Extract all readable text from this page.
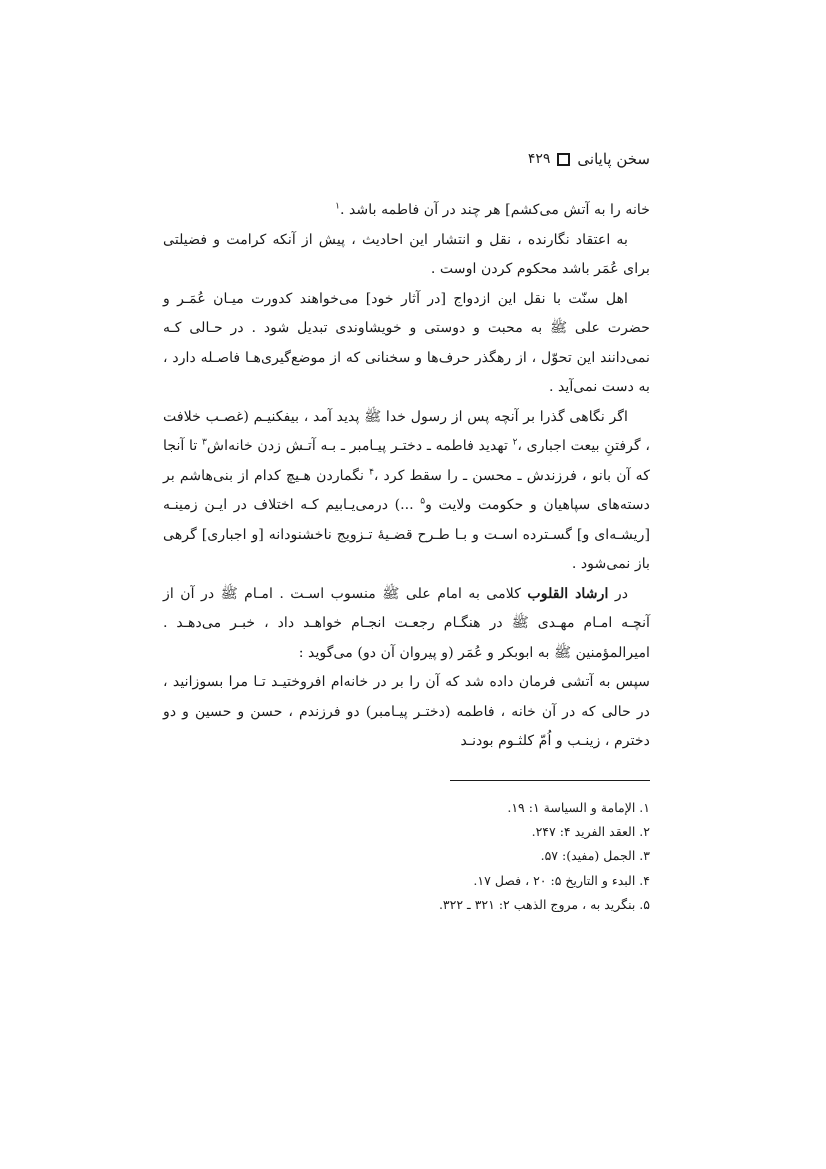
سخن پایانی
۴۲۹

خانه را به آتش می‌کشم] هر چند در آن فاطمه باشد .$^۱$

به اعتقاد نگارنده ، نقل و انتشار این احادیث ، پیش از آنکه کرامت و فضیلتی برای عُمَر باشد محکوم کردن اوست .

اهل سنّت با نقل این ازدواج [در آثار خود] می‌خواهند کدورت میـان عُمَـر و حضرت علی ﷺ به محبت و دوستی و خویشاوندی تبدیل شود . در حـالی کـه نمی‌دانند این تحوّل ، از رهگذر حرف‌ها و سخنانی که از موضع‌گیری‌هـا فاصـله دارد ، به دست نمی‌آید .

اگر نگاهی گذرا بر آنچه پس از رسول خدا ﷺ پدید آمد ، بیفکنیـم (غصـب خلافت ، گرفتنِ بیعت اجباری ،$^۲$ تهدید فاطمه ـ دختـر پیـامبر ـ بـه آتـش زدن خانه‌اش$^۳$ تا آنجا که آن بانو ، فرزندش ـ محسن ـ را سقط کرد ،$^۴$ نگماردن هـیچ کدام از بنی‌هاشم بر دسته‌های سپاهیان و حکومت ولایت و$^۵$ ...) درمی‌یـابیم کـه اختلاف در ایـن زمینـه [ریشـه‌ای و] گسـترده اسـت و بـا طـرح قضـیهٔ تـزویج ناخشنودانه [و اجباری] گرهی باز نمی‌شود .

در ارشاد القلوب کلامی به امام علی ﷺ منسوب اسـت . امـام ﷺ در آن از آنچـه امـام مهـدی ﷺ در هنگـام رجعـت انجـام خواهـد داد ، خبـر می‌دهـد . امیرالمؤمنین ﷺ به ابوبکر و عُمَر (و پیروان آن دو) می‌گوید :

سپس به آتشی فرمان داده شد که آن را بر در خانه‌ام افروختیـد تـا مرا بسوزانید ، در حالی که در آن خانه ، فاطمه (دختـر پیـامبر) دو فرزندم ، حسن و حسین و دو دخترم ، زینـب و اُمّ کلثـوم بودنـد

۱. الإمامة و السیاسة ۱: ۱۹.
۲. العقد الفرید ۴: ۲۴۷.
۳. الجمل (مفید): ۵۷.
۴. البدء و التاریخ ۵: ۲۰ ، فصل ۱۷.
۵. بنگرید به ، مروج الذهب ۲: ۳۲۱ ـ ۳۲۲.
